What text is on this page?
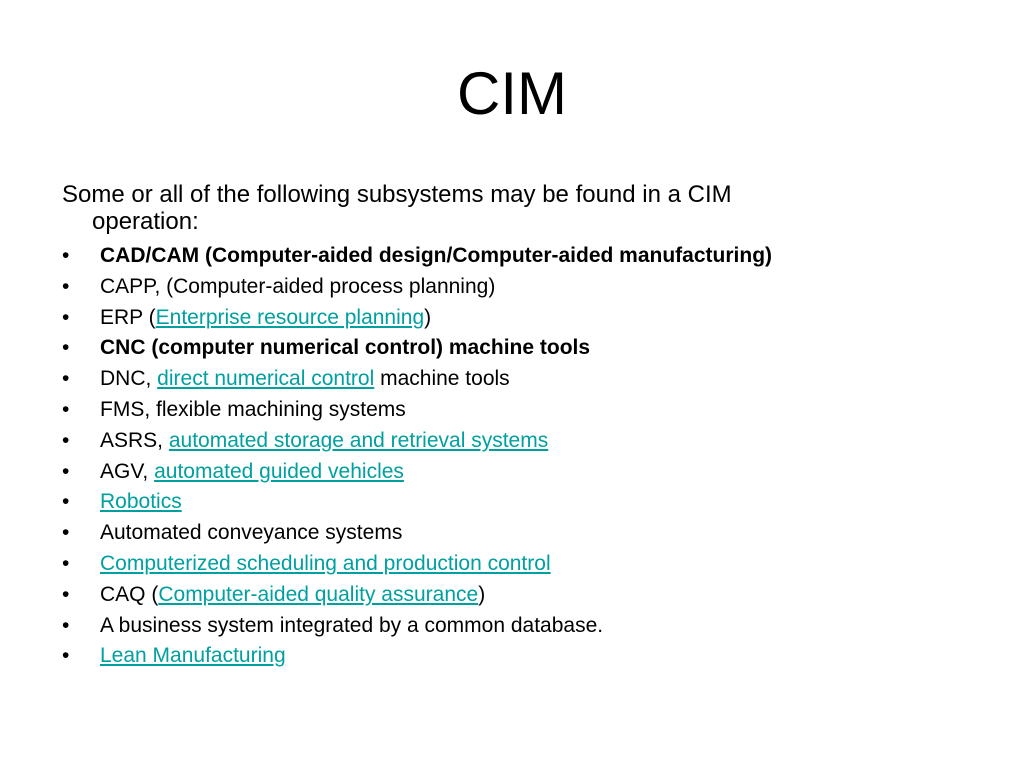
CIM

Some or all of the following subsystems may be found in a CIM
operation:

• CAD/CAM (Computer-aided design/Computer-aided manufacturing)
• CAPP, (Computer-aided process planning)
• ERP (Enterprise resource planning)
• CNC (computer numerical control) machine tools
• DNC, direct numerical control machine tools
• FMS, flexible machining systems
• ASRS, automated storage and retrieval systems
• AGV, automated guided vehicles
• Robotics
• Automated conveyance systems
• Computerized scheduling and production control
• CAQ (Computer-aided quality assurance)
• A business system integrated by a common database.
• Lean Manufacturing
